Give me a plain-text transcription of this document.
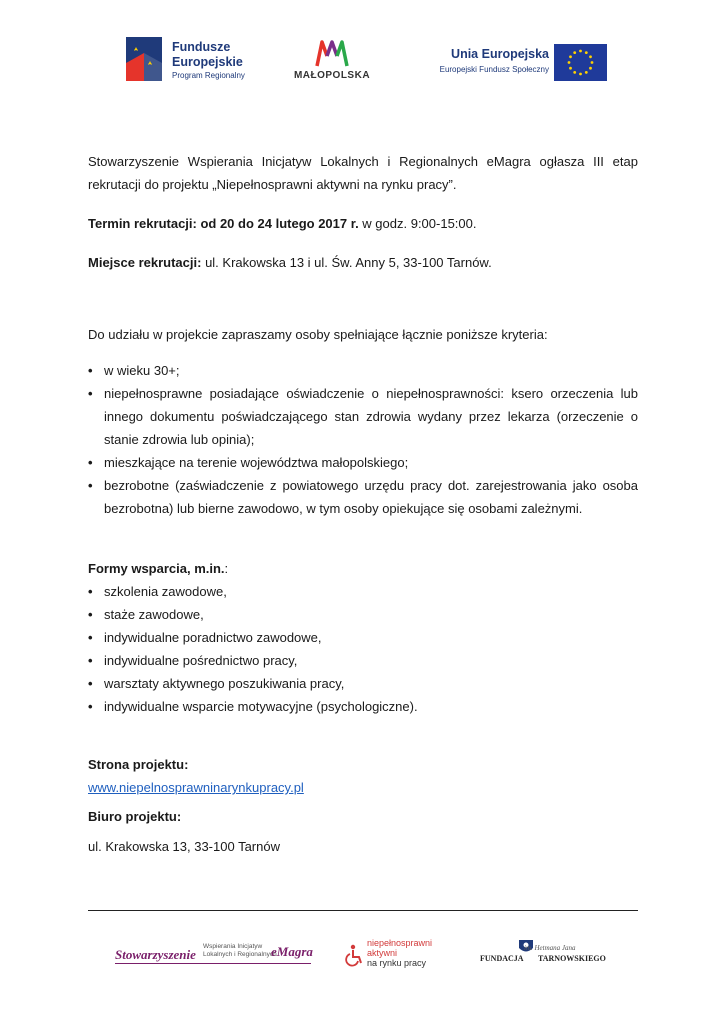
Fundusze
Europejskie
Program Regionalny	MAŁOPOLSKA
Unia Europejska
Europejski Fundusz Społeczny

Stowarzyszenie Wspierania Inicjatyw Lokalnych i Regionalnych eMagra ogłasza III etap rekrutacji do projektu „Niepełnosprawni aktywni na rynku pracy”.

Termin rekrutacji: od 20 do 24 lutego 2017 r. w godz. 9:00-15:00.

Miejsce rekrutacji: ul. Krakowska 13 i ul. Św. Anny 5, 33-100 Tarnów.

Do udziału w projekcie zapraszamy osoby spełniające łącznie poniższe kryteria:

• w wieku 30+;
• niepełnosprawne posiadające oświadczenie o niepełnosprawności: ksero orzeczenia lub innego dokumentu poświadczającego stan zdrowia wydany przez lekarza (orzeczenie o stanie zdrowia lub opinia);
• mieszkające na terenie województwa małopolskiego;
• bezrobotne (zaświadczenie z powiatowego urzędu pracy dot. zarejestrowania jako osoba bezrobotna) lub bierne zawodowo, w tym osoby opiekujące się osobami zależnymi.

Formy wsparcia, m.in.:

• szkolenia zawodowe,
• staże zawodowe,
• indywidualne poradnictwo zawodowe,
• indywidualne pośrednictwo pracy,
• warsztaty aktywnego poszukiwania pracy,
• indywidualne wsparcie motywacyjne (psychologiczne).

Strona projektu:

www.niepelnosprawninarynkupracy.pl

Biuro projektu:

ul. Krakowska 13, 33-100 Tarnów

Stowarzyszenie
Wspierania Inicjatyw
Lokalnych i Regionalnych
eMagra
niepełnosprawni
aktywni
na rynku pracy
im. Hetmana Jana
FUNDACJA TARNOWSKIEGO
